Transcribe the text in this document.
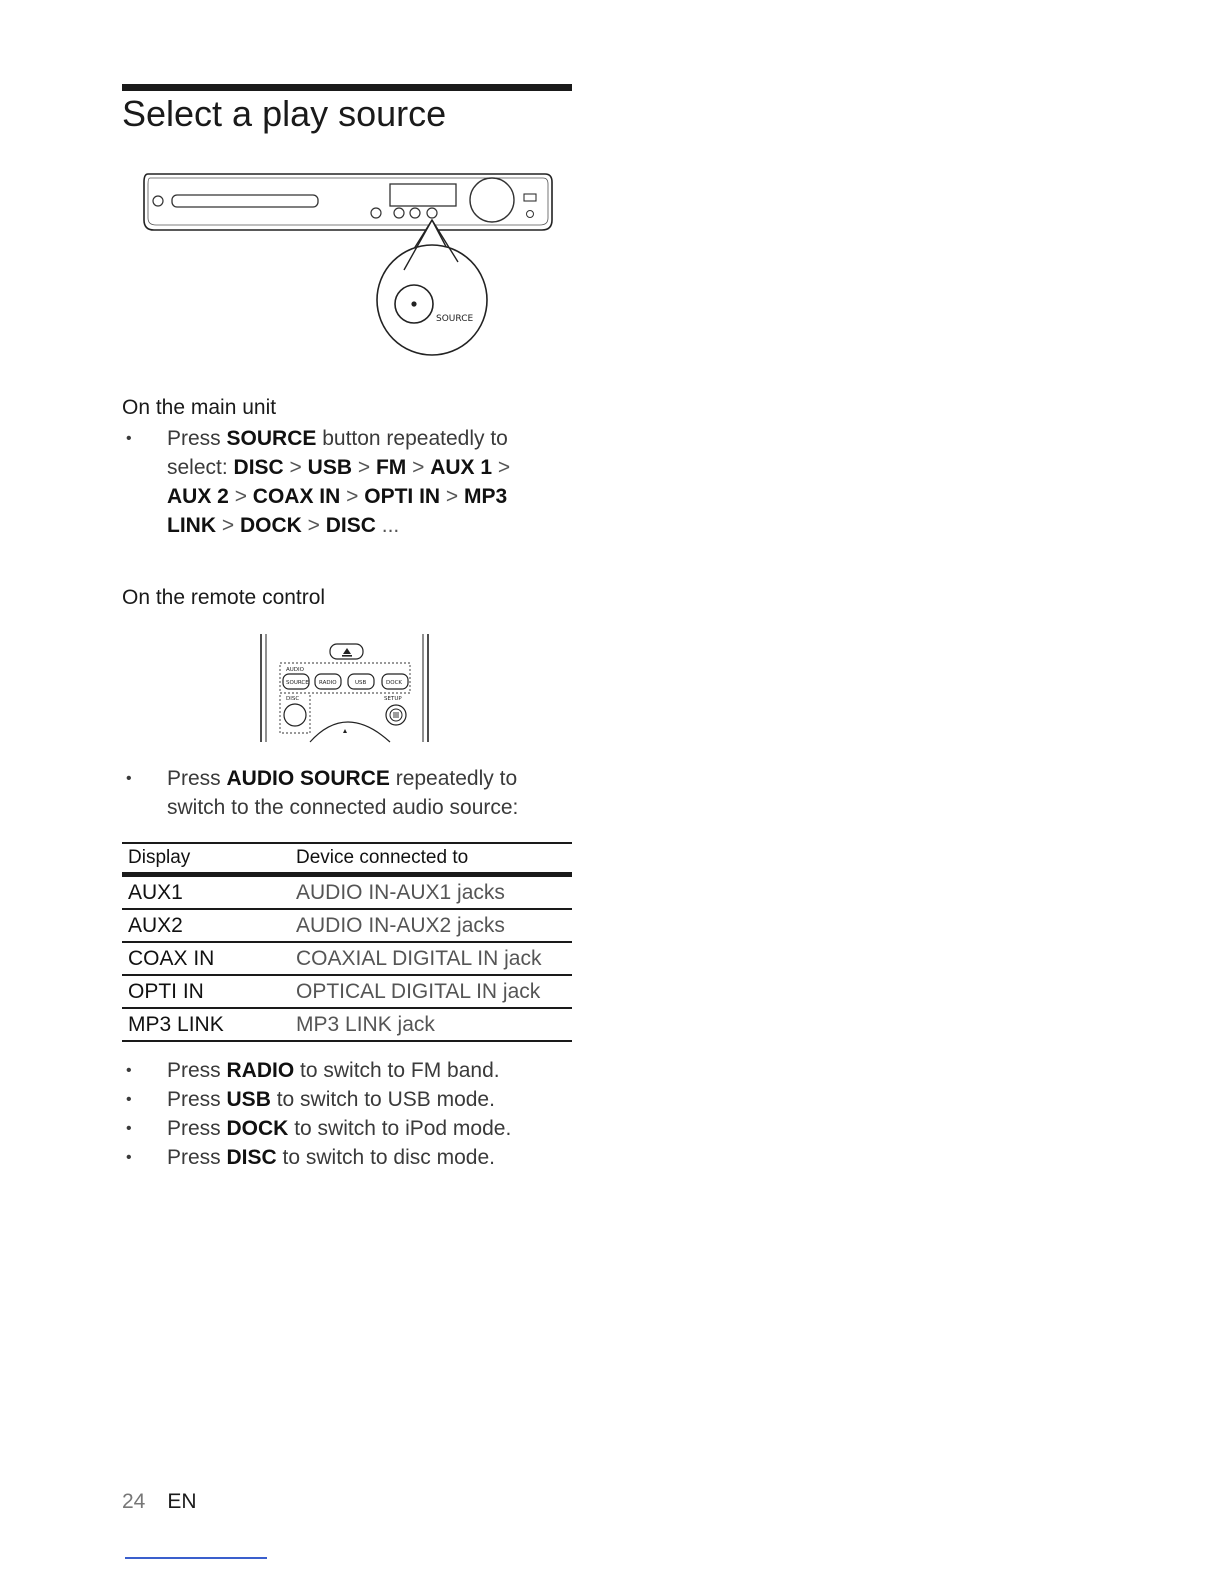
Select a play source
SOURCE

On the main unit

• Press SOURCE button repeatedly to select: DISC > USB > FM > AUX 1 > AUX 2 > COAX IN > OPTI IN > MP3 LINK > DOCK > DISC ...

On the remote control

AUDIO
SOURCE RADIO	USB	DOCK
DISC	SETUP
• Press AUDIO SOURCE repeatedly to switch to the connected audio source:
Display	Device connected to
AUX1	AUDIO IN-AUX1 jacks
AUX2	AUDIO IN-AUX2 jacks
COAX IN	COAXIAL DIGITAL IN jack
OPTI IN	OPTICAL DIGITAL IN jack
MP3 LINK	MP3 LINK jack
• Press RADIO to switch to FM band.
• Press USB to switch to USB mode.
• Press DOCK to switch to iPod mode.
• Press DISC to switch to disc mode.
24 EN
